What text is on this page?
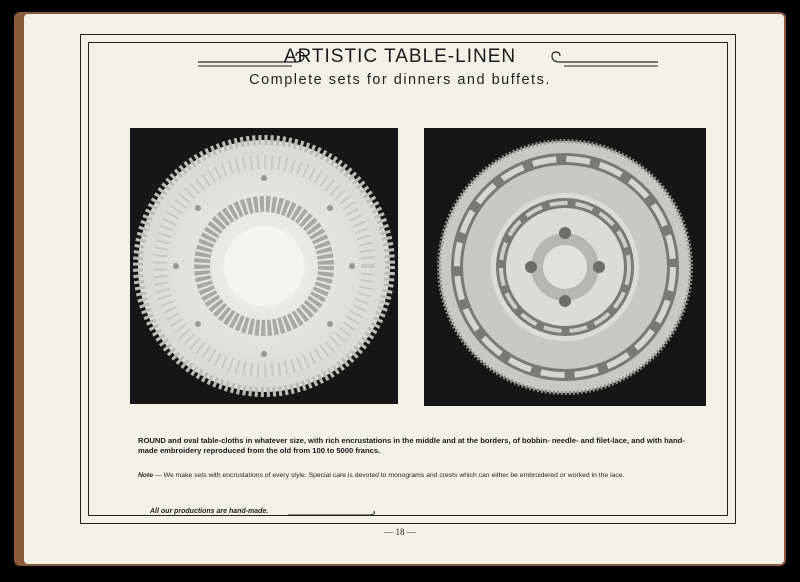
ARTISTIC TABLE-LINEN
Complete sets for dinners and buffets.

ROUND and oval table-cloths in whatever size, with rich encrustations in the middle and at the borders, of bobbin- needle- and filet-lace, and with hand-made embroidery reproduced from the old from 100 to 5000 francs.

Note — We make sets with encrustations of every style. Special care is devoted to monograms and crests which can either be embroidered or worked in the lace.
All our productions are hand-made.
— 18 —
